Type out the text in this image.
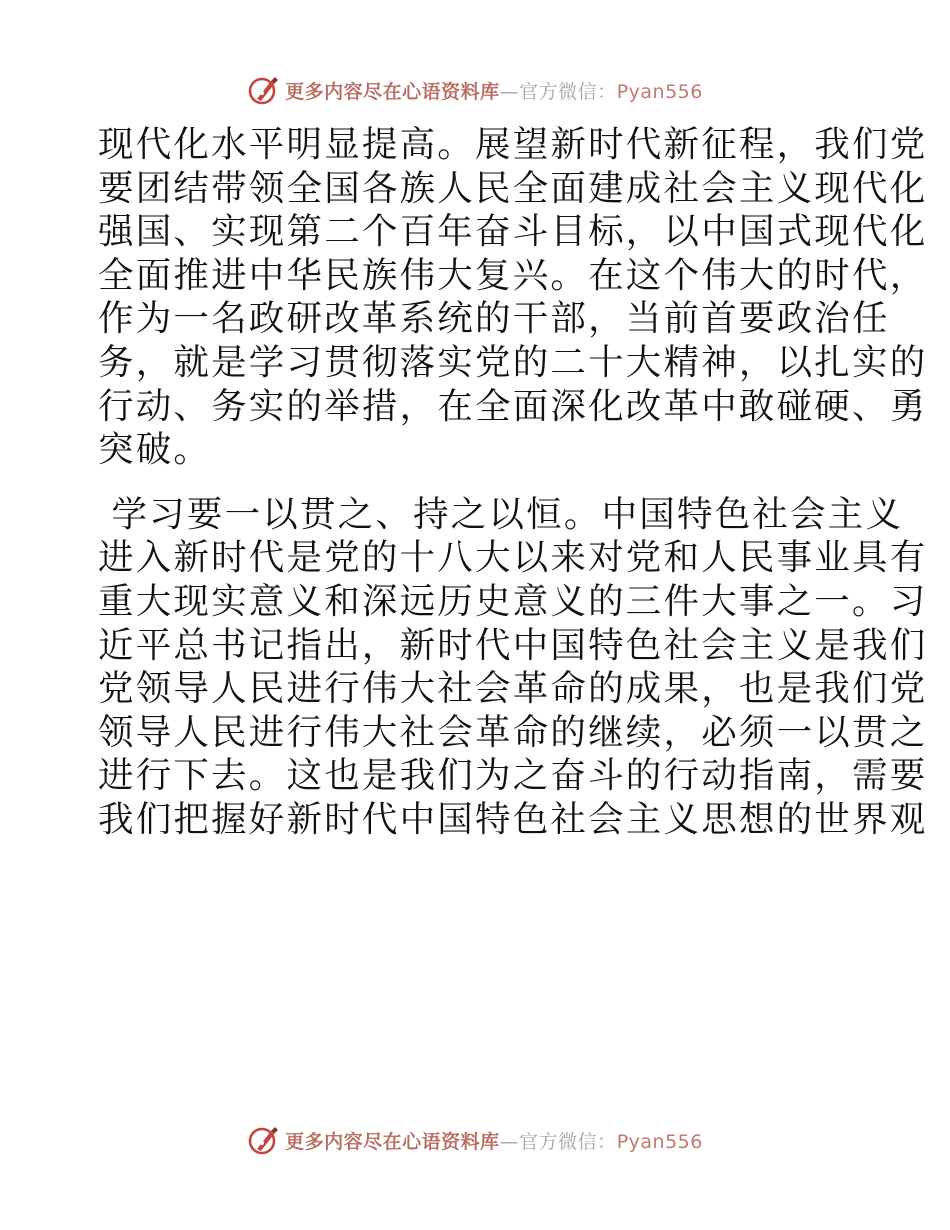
更多内容尽在心语资料库—官方微信：Pyan556

现代化水平明显提高。展望新时代新征程，我们党
要团结带领全国各族人民全面建成社会主义现代化
强国、实现第二个百年奋斗目标，以中国式现代化
全面推进中华民族伟大复兴。在这个伟大的时代，
作为一名政研改革系统的干部，当前首要政治任
务，就是学习贯彻落实党的二十大精神，以扎实的
行动、务实的举措，在全面深化改革中敢碰硬、勇
突破。

学习要一以贯之、持之以恒。中国特色社会主义
进入新时代是党的十八大以来对党和人民事业具有
重大现实意义和深远历史意义的三件大事之一。习
近平总书记指出，新时代中国特色社会主义是我们
党领导人民进行伟大社会革命的成果，也是我们党
领导人民进行伟大社会革命的继续，必须一以贯之
进行下去。这也是我们为之奋斗的行动指南，需要
我们把握好新时代中国特色社会主义思想的世界观

更多内容尽在心语资料库—官方微信：Pyan556
